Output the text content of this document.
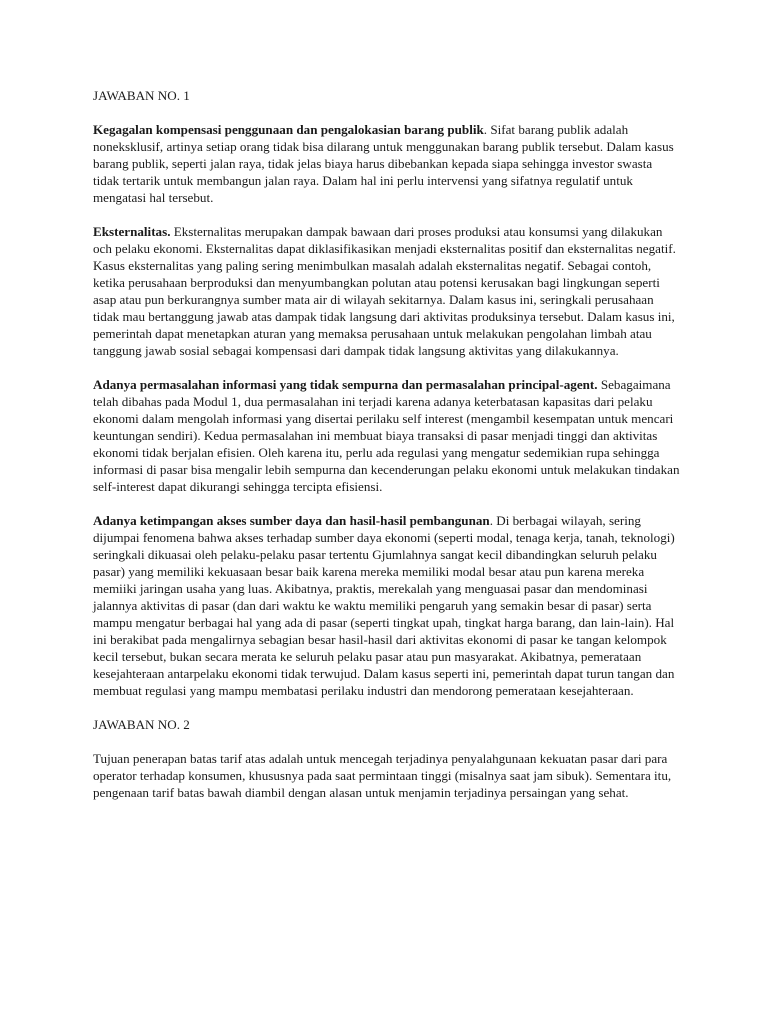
JAWABAN NO. 1

Kegagalan kompensasi penggunaan dan pengalokasian barang publik. Sifat barang publik adalah noneksklusif, artinya setiap orang tidak bisa dilarang untuk menggunakan barang publik tersebut. Dalam kasus barang publik, seperti jalan raya, tidak jelas biaya harus dibebankan kepada siapa sehingga investor swasta tidak tertarik untuk membangun jalan raya. Dalam hal ini perlu intervensi yang sifatnya regulatif untuk mengatasi hal tersebut.

Eksternalitas. Eksternalitas merupakan dampak bawaan dari proses produksi atau konsumsi yang dilakukan och pelaku ekonomi. Eksternalitas dapat diklasifikasikan menjadi eksternalitas positif dan eksternalitas negatif. Kasus eksternalitas yang paling sering menimbulkan masalah adalah eksternalitas negatif. Sebagai contoh, ketika perusahaan berproduksi dan menyumbangkan polutan atau potensi kerusakan bagi lingkungan seperti asap atau pun berkurangnya sumber mata air di wilayah sekitarnya. Dalam kasus ini, seringkali perusahaan tidak mau bertanggung jawab atas dampak tidak langsung dari aktivitas produksinya tersebut. Dalam kasus ini, pemerintah dapat menetapkan aturan yang memaksa perusahaan untuk melakukan pengolahan limbah atau tanggung jawab sosial sebagai kompensasi dari dampak tidak langsung aktivitas yang dilakukannya.

Adanya permasalahan informasi yang tidak sempurna dan permasalahan principal-agent. Sebagaimana telah dibahas pada Modul 1, dua permasalahan ini terjadi karena adanya keterbatasan kapasitas dari pelaku ekonomi dalam mengolah informasi yang disertai perilaku self interest (mengambil kesempatan untuk mencari keuntungan sendiri). Kedua permasalahan ini membuat biaya transaksi di pasar menjadi tinggi dan aktivitas ekonomi tidak berjalan efisien. Oleh karena itu, perlu ada regulasi yang mengatur sedemikian rupa sehingga informasi di pasar bisa mengalir lebih sempurna dan kecenderungan pelaku ekonomi untuk melakukan tindakan self-interest dapat dikurangi sehingga tercipta efisiensi.

Adanya ketimpangan akses sumber daya dan hasil-hasil pembangunan. Di berbagai wilayah, sering dijumpai fenomena bahwa akses terhadap sumber daya ekonomi (seperti modal, tenaga kerja, tanah, teknologi) seringkali dikuasai oleh pelaku-pelaku pasar tertentu Gjumlahnya sangat kecil dibandingkan seluruh pelaku pasar) yang memiliki kekuasaan besar baik karena mereka memiliki modal besar atau pun karena mereka memiiki jaringan usaha yang luas. Akibatnya, praktis, merekalah yang menguasai pasar dan mendominasi jalannya aktivitas di pasar (dan dari waktu ke waktu memiliki pengaruh yang semakin besar di pasar) serta mampu mengatur berbagai hal yang ada di pasar (seperti tingkat upah, tingkat harga barang, dan lain-lain). Hal ini berakibat pada mengalirnya sebagian besar hasil-hasil dari aktivitas ekonomi di pasar ke tangan kelompok kecil tersebut, bukan secara merata ke seluruh pelaku pasar atau pun masyarakat. Akibatnya, pemerataan kesejahteraan antarpelaku ekonomi tidak terwujud. Dalam kasus seperti ini, pemerintah dapat turun tangan dan membuat regulasi yang mampu membatasi perilaku industri dan mendorong pemerataan kesejahteraan.

JAWABAN NO. 2

Tujuan penerapan batas tarif atas adalah untuk mencegah terjadinya penyalahgunaan kekuatan pasar dari para operator terhadap konsumen, khususnya pada saat permintaan tinggi (misalnya saat jam sibuk). Sementara itu, pengenaan tarif batas bawah diambil dengan alasan untuk menjamin terjadinya persaingan yang sehat.
